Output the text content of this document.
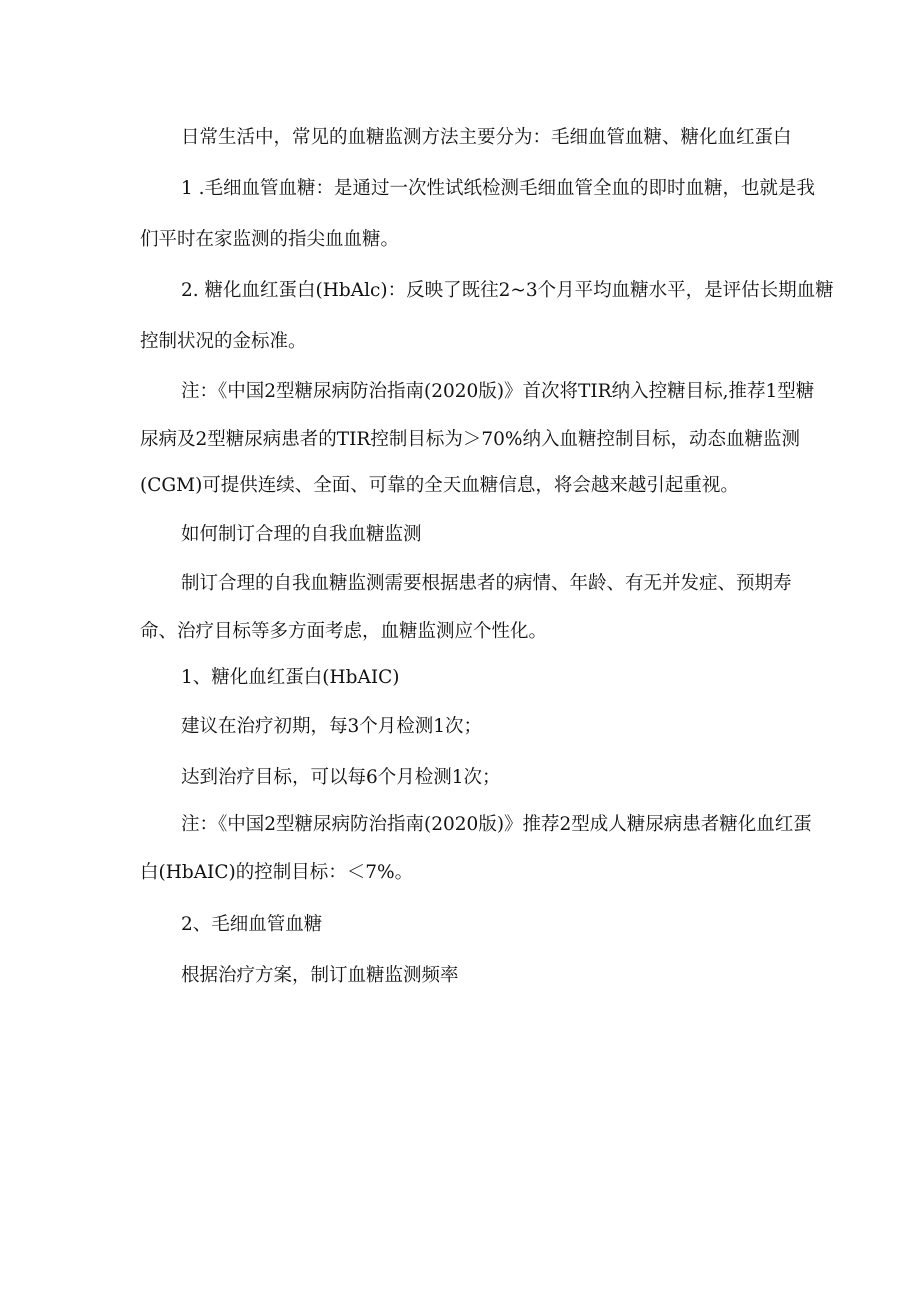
日常生活中，常见的血糖监测方法主要分为：毛细血管血糖、糖化血红蛋白
1 .毛细血管血糖：是通过一次性试纸检测毛细血管全血的即时血糖，也就是我
们平时在家监测的指尖血血糖。
2. 糖化血红蛋白(HbAlc)：反映了既往2~3个月平均血糖水平，是评估长期血糖
控制状况的金标准。
注：《中国2型糖尿病防治指南(2020版)》首次将TIR纳入控糖目标,推荐1型糖
尿病及2型糖尿病患者的TIR控制目标为＞70%纳入血糖控制目标，动态血糖监测
(CGM)可提供连续、全面、可靠的全天血糖信息，将会越来越引起重视。
如何制订合理的自我血糖监测
制订合理的自我血糖监测需要根据患者的病情、年龄、有无并发症、预期寿
命、治疗目标等多方面考虑，血糖监测应个性化。
1、糖化血红蛋白(HbAIC)
建议在治疗初期，每3个月检测1次；
达到治疗目标，可以每6个月检测1次；
注：《中国2型糖尿病防治指南(2020版)》推荐2型成人糖尿病患者糖化血红蛋
白(HbAIC)的控制目标：＜7%。
2、毛细血管血糖
根据治疗方案，制订血糖监测频率
